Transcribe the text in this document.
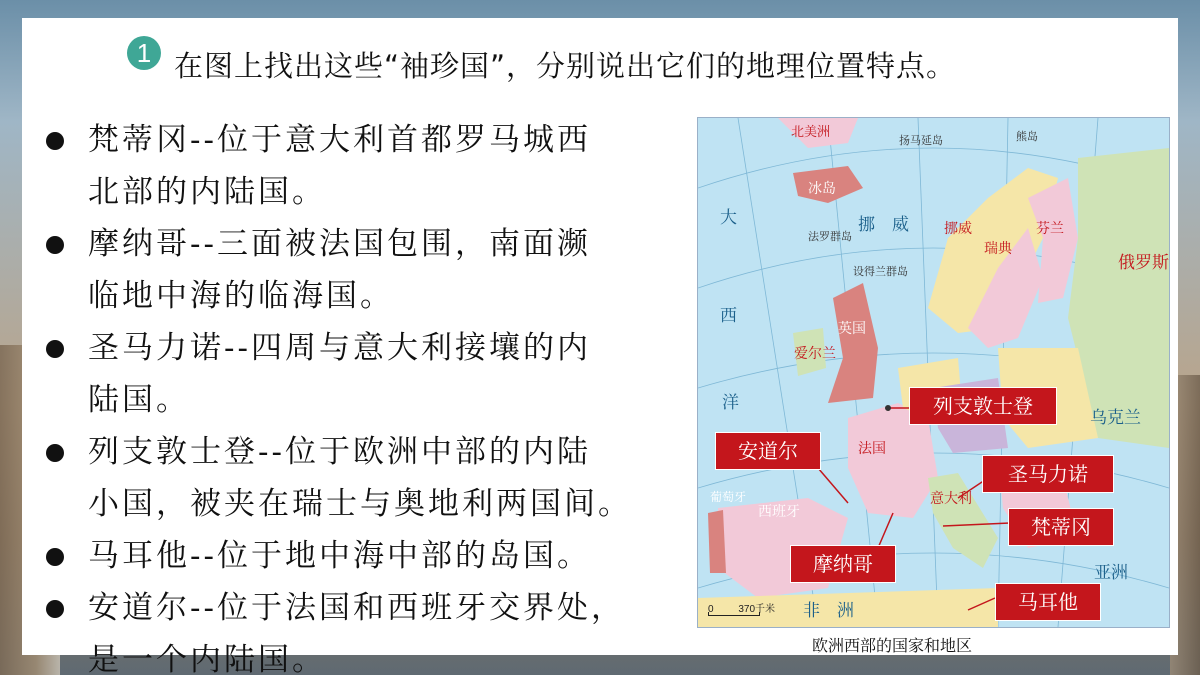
1 在图上找出这些“袖珍国”，分别说出它们的地理位置特点。
梵蒂冈--位于意大利首都罗马城西
北部的内陆国。
摩纳哥--三面被法国包围，南面濒
临地中海的临海国。
圣马力诺--四周与意大利接壤的内
陆国。
列支敦士登--位于欧洲中部的内陆
小国，被夹在瑞士与奥地利两国间。
马耳他--位于地中海中部的岛国。
安道尔--位于法国和西班牙交界处，
是一个内陆国。
北美洲
扬马延岛	熊岛
冰岛
大
西
洋
挪　威
法罗群岛
设得兰群岛
挪威
瑞典
芬兰
俄罗斯
英国
爱尔兰
法国
西班牙
葡萄牙	意大利
亚洲
乌克兰
非　洲
0 370千米
列支敦士登
安道尔
圣马力诺
梵蒂冈
摩纳哥
马耳他
欧洲西部的国家和地区
